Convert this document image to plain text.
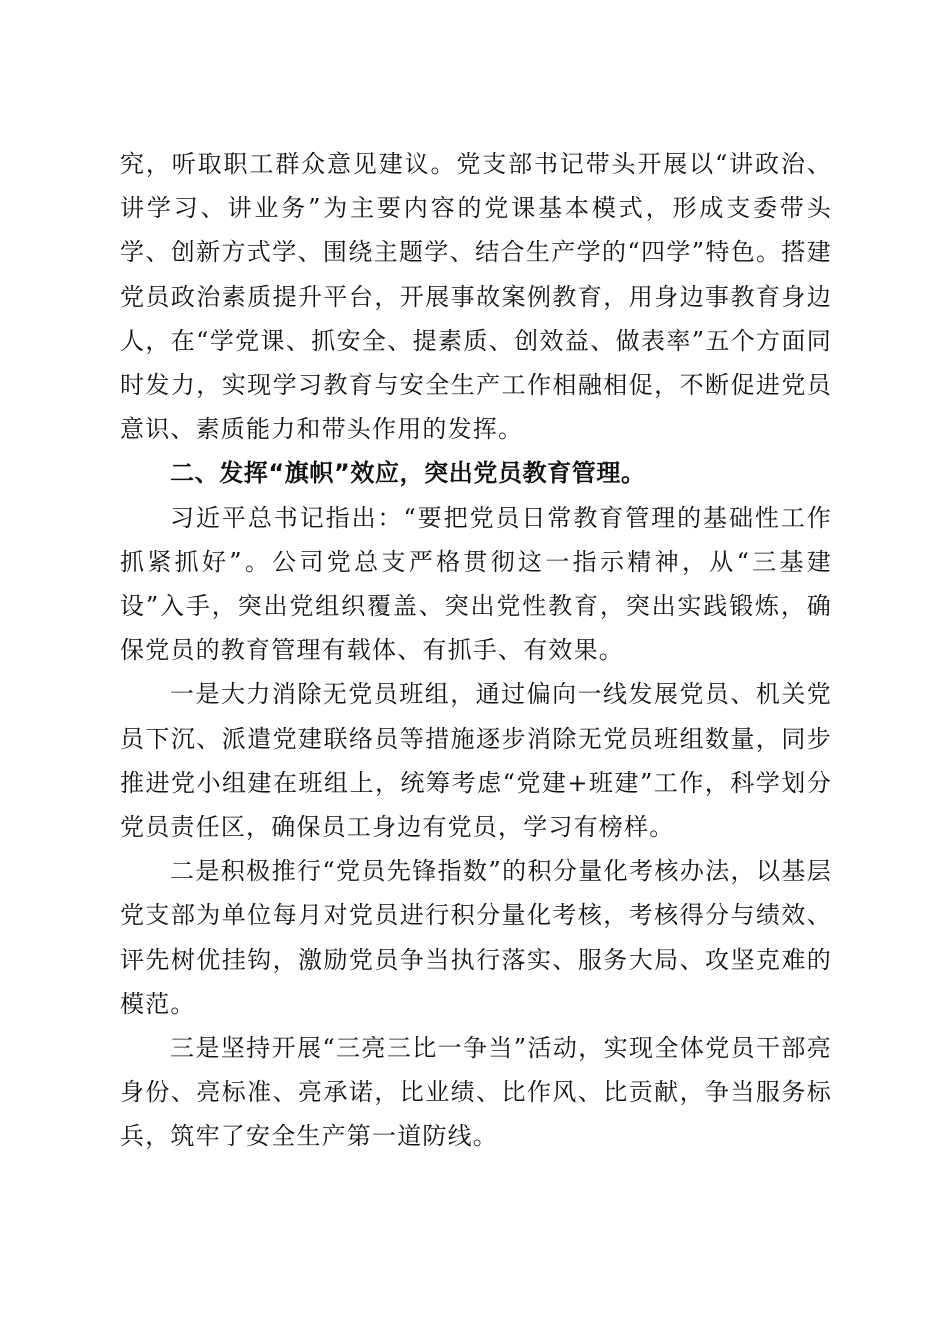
究，听取职工群众意见建议。党支部书记带头开展以“讲政治、讲学习、讲业务”为主要内容的党课基本模式，形成支委带头学、创新方式学、围绕主题学、结合生产学的“四学”特色。搭建党员政治素质提升平台，开展事故案例教育，用身边事教育身边人，在“学党课、抓安全、提素质、创效益、做表率”五个方面同时发力，实现学习教育与安全生产工作相融相促，不断促进党员意识、素质能力和带头作用的发挥。

二、发挥“旗帜”效应，突出党员教育管理。

习近平总书记指出：“要把党员日常教育管理的基础性工作抓紧抓好”。公司党总支严格贯彻这一指示精神，从“三基建设”入手，突出党组织覆盖、突出党性教育，突出实践锻炼，确保党员的教育管理有载体、有抓手、有效果。

一是大力消除无党员班组，通过偏向一线发展党员、机关党员下沉、派遣党建联络员等措施逐步消除无党员班组数量，同步推进党小组建在班组上，统筹考虑“党建+班建”工作，科学划分党员责任区，确保员工身边有党员，学习有榜样。

二是积极推行“党员先锋指数”的积分量化考核办法，以基层党支部为单位每月对党员进行积分量化考核，考核得分与绩效、评先树优挂钩，激励党员争当执行落实、服务大局、攻坚克难的模范。

三是坚持开展“三亮三比一争当”活动，实现全体党员干部亮身份、亮标准、亮承诺，比业绩、比作风、比贡献，争当服务标兵，筑牢了安全生产第一道防线。
